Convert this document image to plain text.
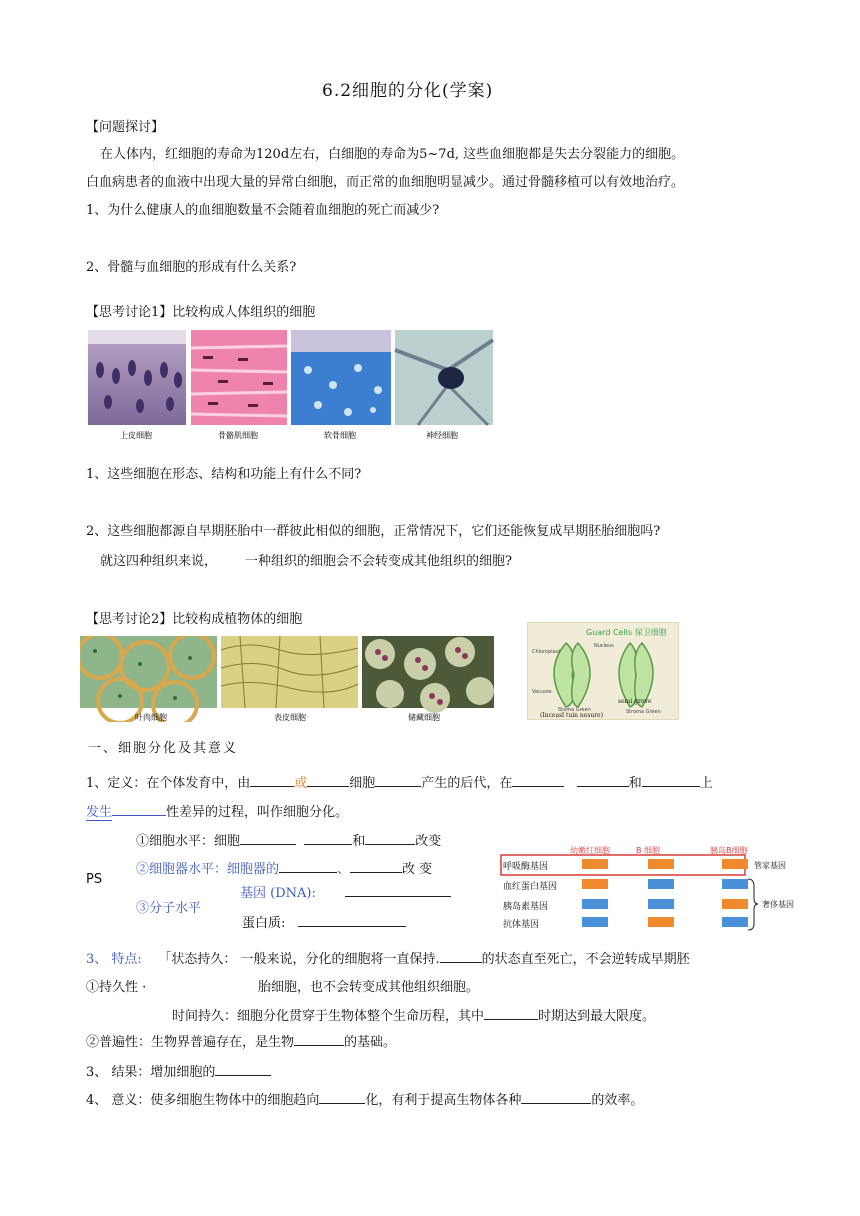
6.2细胞的分化(学案)
【问题探讨】
在人体内，红细胞的寿命为120d左右，白细胞的寿命为5~7d, 这些血细胞都是失去分裂能力的细胞。
白血病患者的血液中出现大量的异常白细胞，而正常的血细胞明显减少。通过骨髓移植可以有效地治疗。
1、为什么健康人的血细胞数量不会随着血细胞的死亡而减少?
2、骨髓与血细胞的形成有什么关系?
【思考讨论1】比较构成人体组织的细胞
上皮细胞	骨骼肌细胞	软骨细胞	神经细胞
1、这些细胞在形态、结构和功能上有什么不同?
2、这些细胞都源自早期胚胎中一群彼此相似的细胞，正常情况下，它们还能恢复成早期胚胎细胞吗?
就这四种组织来说， 一种组织的细胞会不会转变成其他组织的细胞?
【思考讨论2】比较构成植物体的细胞
叶肉细胞	表皮细胞	储藏细胞
Guard Cells 保卫细胞
Chloroplast
Nucleus
Vacuole
Stoma Green
(Inceasl tuin nesure)
semi grove
Stroma Green
一、细胞分化及其意义
1、定义：在个体发育中，由	或	细胞	产生的后代，在	和	上
发生	性差异的过程，叫作细胞分化。
PS
①细胞水平：细胞	和	改变
②细胞器水平：细胞器的	、	改 变
基因 (DNA):
③分子水平
蛋白质:
幼嫩红细胞	B 细胞	胰岛B细胞
呼吸酶基因
血红蛋白基因
胰岛素基因
抗体基因
管家基因
奢侈基因
3、 特点: 「状态持久： 一般来说，分化的细胞将一直保持.	的状态直至死亡，不会逆转成早期胚
①持久性 ·	胎细胞，也不会转变成其他组织细胞。
时间持久：细胞分化贯穿于生物体整个生命历程，其中	时期达到最大限度。
②普遍性：生物界普遍存在，是生物	的基础。
3、 结果：增加细胞的
4、 意义：使多细胞生物体中的细胞趋向	化，有利于提高生物体各种	的效率。
